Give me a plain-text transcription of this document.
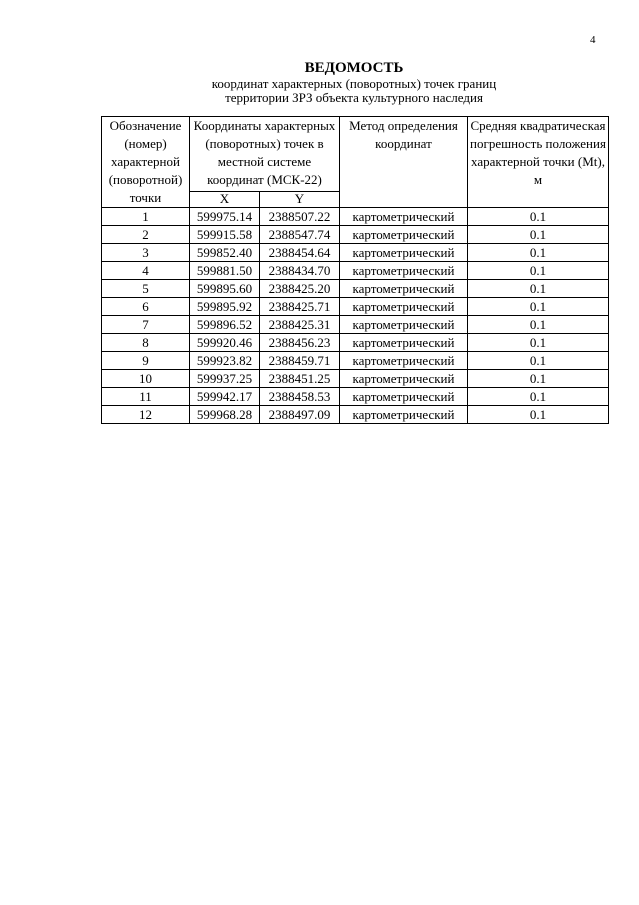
4
ВЕДОМОСТЬ
координат характерных (поворотных) точек границ
территории ЗРЗ объекта культурного наследия
Обозначение (номер) характерной (поворотной) точки	Координаты характерных (поворотных) точек в местной системе координат (МСК-22)		Метод определения координат	Средняя квадратическая погрешность положения характерной точки (Mt), м
	X	Y		
1	599975.14	2388507.22	картометрический	0.1
2	599915.58	2388547.74	картометрический	0.1
3	599852.40	2388454.64	картометрический	0.1
4	599881.50	2388434.70	картометрический	0.1
5	599895.60	2388425.20	картометрический	0.1
6	599895.92	2388425.71	картометрический	0.1
7	599896.52	2388425.31	картометрический	0.1
8	599920.46	2388456.23	картометрический	0.1
9	599923.82	2388459.71	картометрический	0.1
10	599937.25	2388451.25	картометрический	0.1
11	599942.17	2388458.53	картометрический	0.1
12	599968.28	2388497.09	картометрический	0.1
